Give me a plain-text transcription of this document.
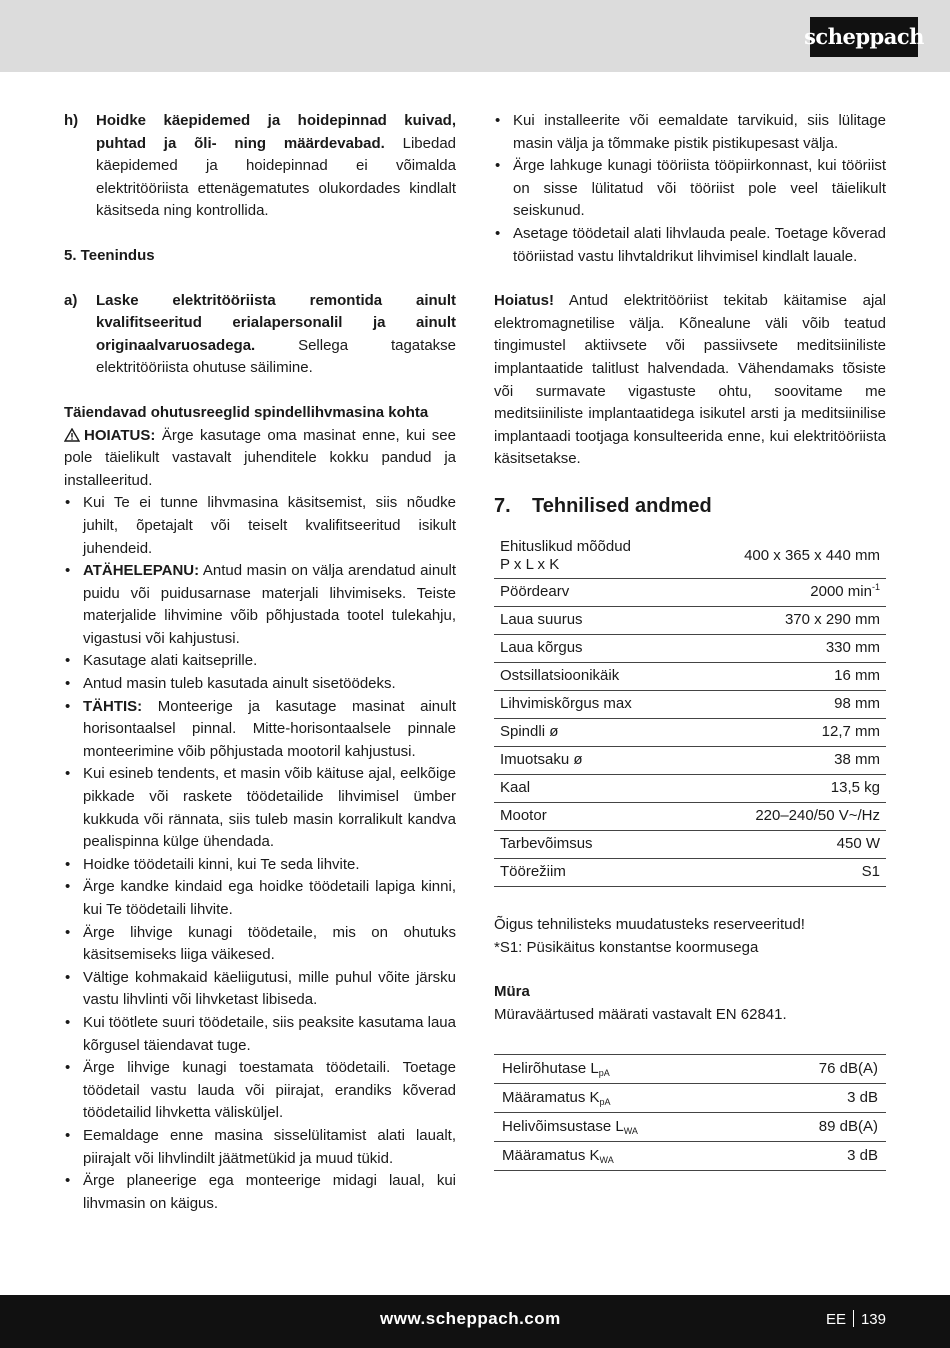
scheppach
h)	Hoidke käepidemed ja hoidepinnad kuivad, puhtad ja õli- ning määrdevabad. Libedad käepidemed ja hoidepinnad ei võimalda elektritööriista ettenägematutes olukordades kindlalt käsitseda ning kontrollida.

5. Teenindus

a)	Laske elektritööriista remontida ainult kvalifitseeritud erialapersonalil ja ainult originaalvaruosadega. Sellega tagatakse elektritööriista ohutuse säilimine.

Täiendavad ohutusreeglid spindellihvmasina kohta

HOIATUS: Ärge kasutage oma masinat enne, kui see pole täielikult vastavalt juhenditele kokku pandud ja installeeritud.

• Kui Te ei tunne lihvmasina käsitsemist, siis nõudke juhilt, õpetajalt või teiselt kvalifitseeritud isikult juhendeid.
• ATÄHELEPANU: Antud masin on välja arendatud ainult puidu või puidusarnase materjali lihvimiseks. Teiste materjalide lihvimine võib põhjustada tootel tulekahju, vigastusi või kahjustusi.
• Kasutage alati kaitseprille.
• Antud masin tuleb kasutada ainult sisetöödeks.
• TÄHTIS: Monteerige ja kasutage masinat ainult horisontaalsel pinnal. Mitte-horisontaalsele pinnale monteerimine võib põhjustada mootoril kahjustusi.
• Kui esineb tendents, et masin võib käituse ajal, eelkõige pikkade või raskete töödetailide lihvimisel ümber kukkuda või rännata, siis tuleb masin korralikult kandva pealispinna külge ühendada.
• Hoidke töödetaili kinni, kui Te seda lihvite.
• Ärge kandke kindaid ega hoidke töödetaili lapiga kinni, kui Te töödetaili lihvite.
• Ärge lihvige kunagi töödetaile, mis on ohutuks käsitsemiseks liiga väikesed.
• Vältige kohmakaid käeliigutusi, mille puhul võite järsku vastu lihvlinti või lihvketast libiseda.
• Kui töötlete suuri töödetaile, siis peaksite kasutama laua kõrgusel täiendavat tuge.
• Ärge lihvige kunagi toestamata töödetaili. Toetage töödetail vastu lauda või piirajat, erandiks kõverad töödetailid lihvketta välisküljel.
• Eemaldage enne masina sisselülitamist alati laualt, piirajalt või lihvlindilt jäätmetükid ja muud tükid.
• Ärge planeerige ega monteerige midagi laual, kui lihvmasin on käigus.
• Kui installeerite või eemaldate tarvikuid, siis lülitage masin välja ja tõmmake pistik pistikupesast välja.
• Ärge lahkuge kunagi tööriista tööpiirkonnast, kui tööriist on sisse lülitatud või tööriist pole veel täielikult seiskunud.
• Asetage töödetail alati lihvlauda peale. Toetage kõverad tööriistad vastu lihvtaldrikut lihvimisel kindlalt lauale.

Hoiatus! Antud elektritööriist tekitab käitamise ajal elektromagnetilise välja. Kõnealune väli võib teatud tingimustel aktiivsete või passiivsete meditsiiniliste implantaatide talitlust halvendada. Vähendamaks tõsiste või surmavate vigastuste ohtu, soovitame me meditsiiniliste implantaatidega isikutel arsti ja meditsiinilise implantaadi tootjaga konsulteerida enne, kui elektritööriista käsitsetakse.

7.	Tehnilised andmed
Ehituslikud mõõdud
P x L x K	400 x 365 x 440 mm
Pöördearv	2000 $\min^{-1}$
Laua suurus	370 x 290 mm
Laua kõrgus	330 mm
Ostsillatsioonikäik	16 mm
Lihvimiskõrgus max	98 mm
Spindli ø	12,7 mm
Imuotsaku ø	38 mm
Kaal	13,5 kg
Mootor	220–240/50 V~/Hz
Tarbevõimsus	450 W
Töörežiim	S1

Õigus tehnilisteks muudatusteks reserveeritud!

*S1: Püsikäitus konstantse koormusega

Müra

Müraväärtused määrati vastavalt EN 62841.

Helirõhutase $L_{pA}$	76 dB(A)
Määramatus $K_{pA}$	3 dB
Helivõimsustase $L_{WA}$	89 dB(A)
Määramatus $K_{WA}$	3 dB
www.scheppach.com	EE 139
